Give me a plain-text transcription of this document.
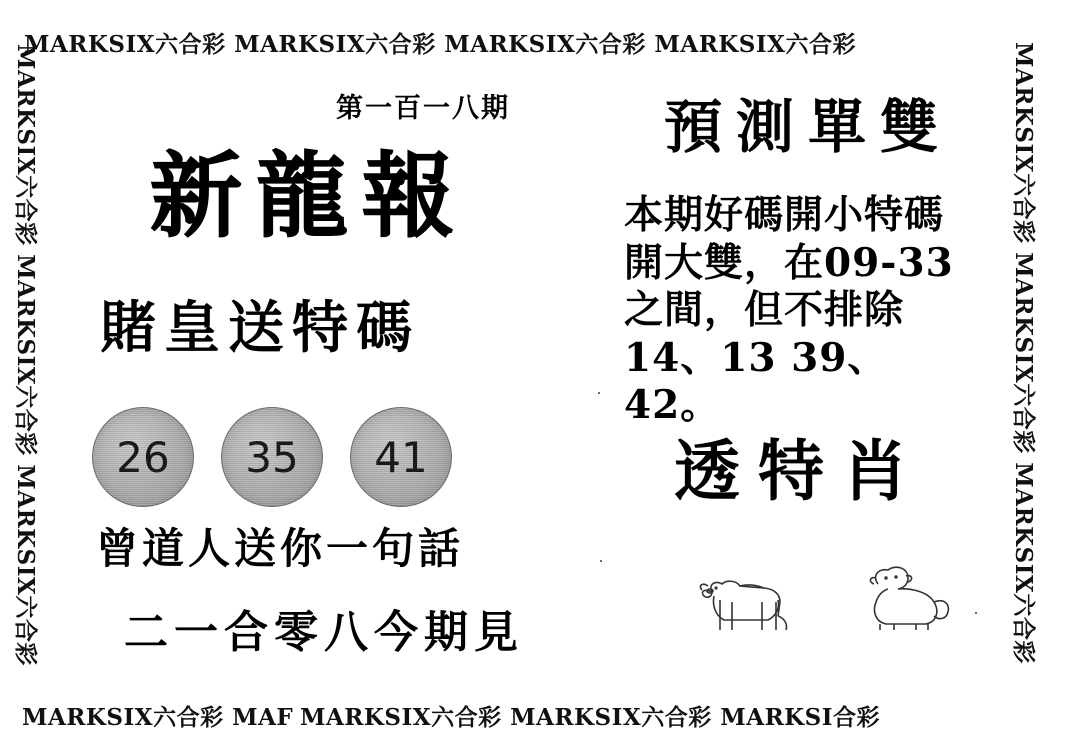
MARKSIX六合彩 MARKSIX六合彩 MARKSIX六合彩 MARKSIX六合彩
MARKSIX六合彩 MARKSIX六合彩 MARKSIX六合彩	MARKSIX六合彩 MARKSIX六合彩 MARKSIX六合彩
MARKSIX六合彩 MAF MARKSIX六合彩 MARKSIX六合彩 MARKSI合彩
第一百一八期
新龍報
賭皇送特碼
26	35	41
曾道人送你一句話
二一合零八今期見
預測單雙
本期好碼開小特碼開大雙，在09-33之間，但不排除14、13 39、42。
透特肖
